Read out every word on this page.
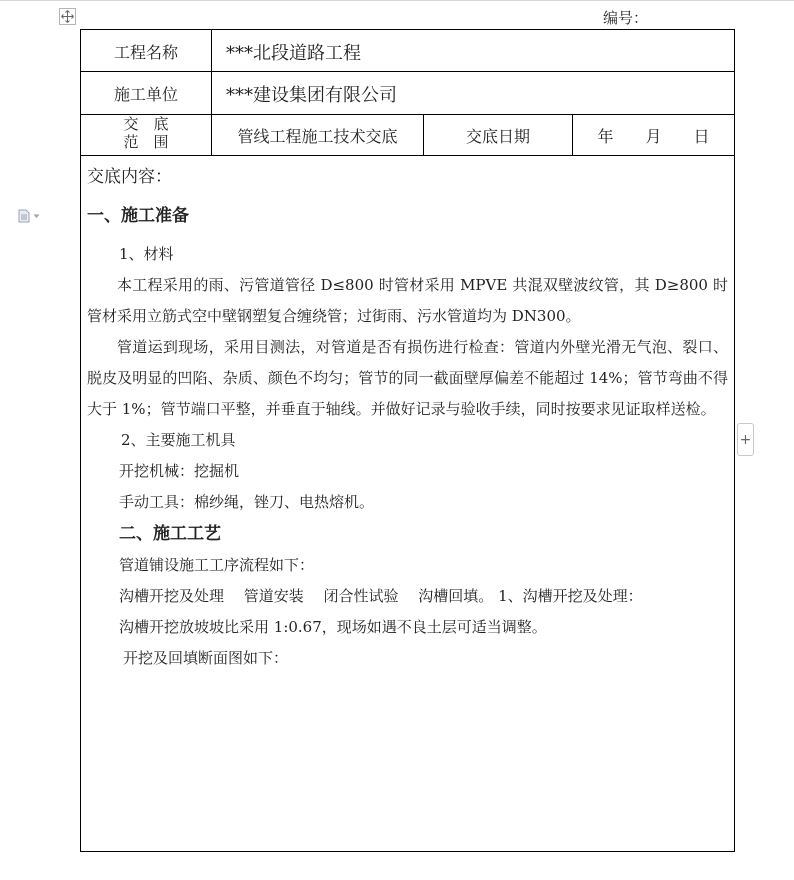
编号：
+
工程名称	***北段道路工程
施工单位	***建设集团有限公司
交　底
范　围	管线工程施工技术交底	交底日期	年　　月　　日

交底内容：

一、施工准备

1、材料

本工程采用的雨、污管道管径 D≤800 时管材采用 MPVE 共混双壁波纹管，其 D≥800 时管材采用立筋式空中壁钢塑复合缠绕管；过街雨、污水管道均为 DN300。

管道运到现场，采用目测法，对管道是否有损伤进行检查：管道内外壁光滑无气泡、裂口、脱皮及明显的凹陷、杂质、颜色不均匀；管节的同一截面壁厚偏差不能超过 14%；管节弯曲不得大于 1%；管节端口平整，并垂直于轴线。并做好记录与验收手续，同时按要求见证取样送检。

2、主要施工机具

开挖机械：挖掘机

手动工具：棉纱绳，锉刀、电热熔机。

二、施工工艺

管道铺设施工工序流程如下：

沟槽开挖及处理　 管道安装　 闭合性试验　 沟槽回填。 1、沟槽开挖及处理：

沟槽开挖放坡坡比采用 1:0.67，现场如遇不良土层可适当调整。

开挖及回填断面图如下：
